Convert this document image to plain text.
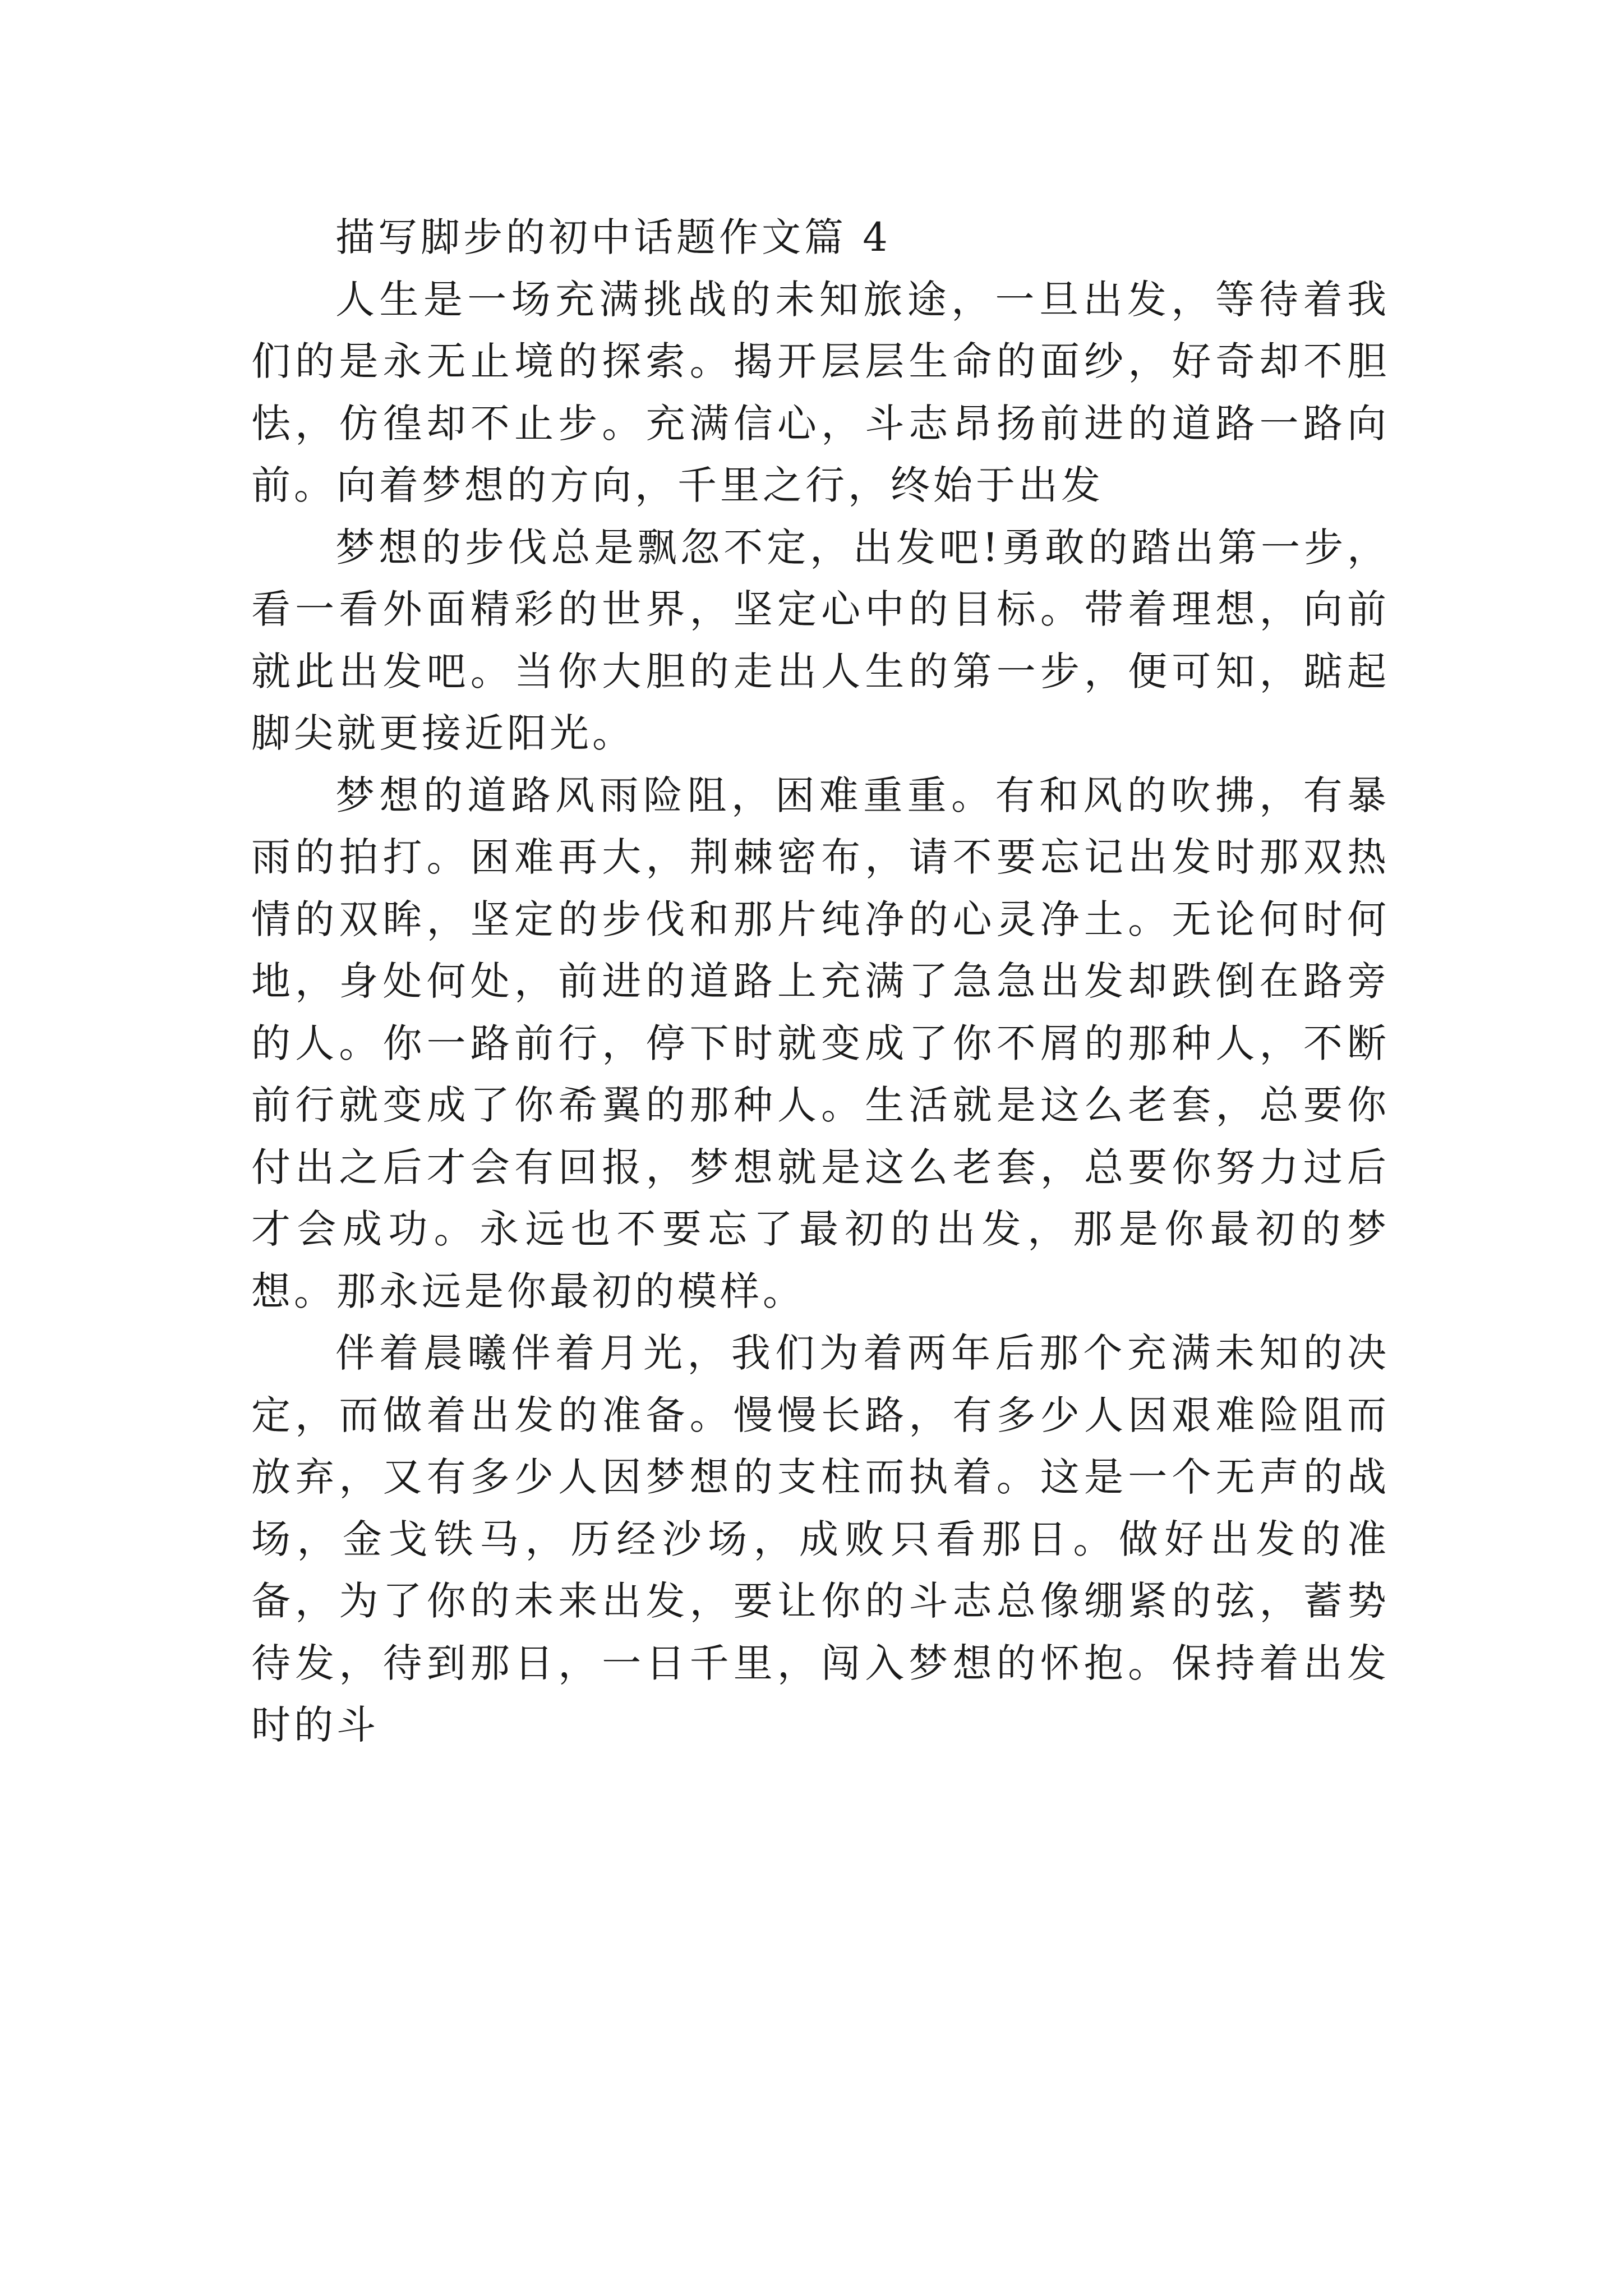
描写脚步的初中话题作文篇 4

人生是一场充满挑战的未知旅途，一旦出发，等待着我们的是永无止境的探索。揭开层层生命的面纱，好奇却不胆怯，仿徨却不止步。充满信心，斗志昂扬前进的道路一路向前。向着梦想的方向，千里之行，终始于出发

梦想的步伐总是飘忽不定，出发吧!勇敢的踏出第一步，看一看外面精彩的世界，坚定心中的目标。带着理想，向前就此出发吧。当你大胆的走出人生的第一步，便可知，踮起脚尖就更接近阳光。

梦想的道路风雨险阻，困难重重。有和风的吹拂，有暴雨的拍打。困难再大，荆棘密布，请不要忘记出发时那双热情的双眸，坚定的步伐和那片纯净的心灵净土。无论何时何地，身处何处，前进的道路上充满了急急出发却跌倒在路旁的人。你一路前行，停下时就变成了你不屑的那种人，不断前行就变成了你希翼的那种人。生活就是这么老套，总要你付出之后才会有回报，梦想就是这么老套，总要你努力过后才会成功。永远也不要忘了最初的出发，那是你最初的梦想。那永远是你最初的模样。

伴着晨曦伴着月光，我们为着两年后那个充满未知的决定，而做着出发的准备。慢慢长路，有多少人因艰难险阻而放弃，又有多少人因梦想的支柱而执着。这是一个无声的战场，金戈铁马，历经沙场，成败只看那日。做好出发的准备，为了你的未来出发，要让你的斗志总像绷紧的弦，蓄势待发，待到那日，一日千里，闯入梦想的怀抱。保持着出发时的斗
